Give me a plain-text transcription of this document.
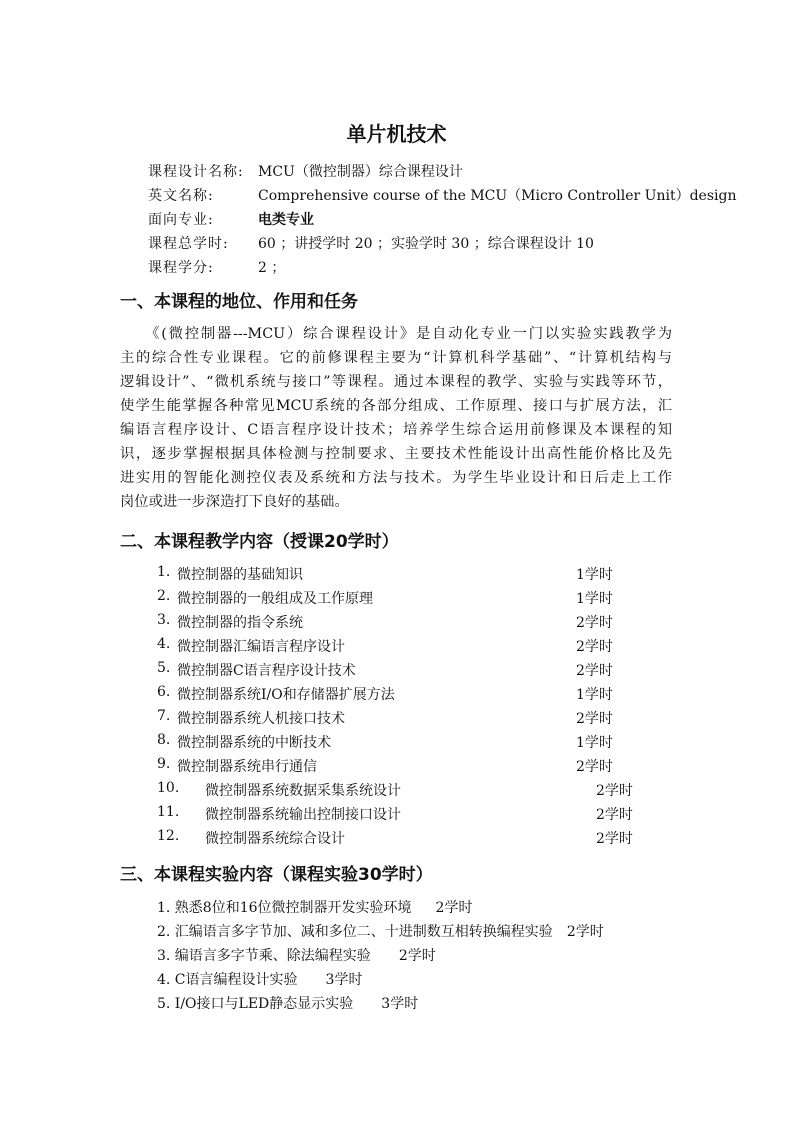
单片机技术
课程设计名称: MCU（微控制器）综合课程设计
英文名称:	Comprehensive course of the MCU（Micro Controller Unit）design
面向专业:	电类专业
课程总学时: 60 ；讲授学时 20 ；实验学时 30 ；综合课程设计 10
课程学分:	2 ；
一、本课程的地位、作用和任务
　　《(微控制器---MCU）综合课程设计》是自动化专业一门以实验实践教学为
主的综合性专业课程。它的前修课程主要为“计算机科学基础”、“计算机结构与
逻辑设计”、“微机系统与接口”等课程。通过本课程的教学、实验与实践等环节，
使学生能掌握各种常见MCU系统的各部分组成、工作原理、接口与扩展方法，汇
编语言程序设计、C语言程序设计技术；培养学生综合运用前修课及本课程的知
识，逐步掌握根据具体检测与控制要求、主要技术性能设计出高性能价格比及先
进实用的智能化测控仪表及系统和方法与技术。为学生毕业设计和日后走上工作
岗位或进一步深造打下良好的基础。
二、本课程教学内容（授课20学时）
1. 微控制器的基础知识	1学时
2. 微控制器的一般组成及工作原理	1学时
3. 微控制器的指令系统	2学时
4. 微控制器汇编语言程序设计	2学时
5. 微控制器C语言程序设计技术	2学时
6. 微控制器系统I/O和存储器扩展方法	1学时
7. 微控制器系统人机接口技术	2学时
8. 微控制器系统的中断技术	1学时
9. 微控制器系统串行通信	2学时
10. 微控制器系统数据采集系统设计	2学时
11. 微控制器系统输出控制接口设计	2学时
12. 微控制器系统综合设计	2学时
三、本课程实验内容（课程实验30学时）
1. 熟悉8位和16位微控制器开发实验环境 2学时
2. 汇编语言多字节加、减和多位二、十进制数互相转换编程实验 2学时
3. 编语言多字节乘、除法编程实验 2学时
4. C语言编程设计实验 3学时
5. I/O接口与LED静态显示实验 3学时
